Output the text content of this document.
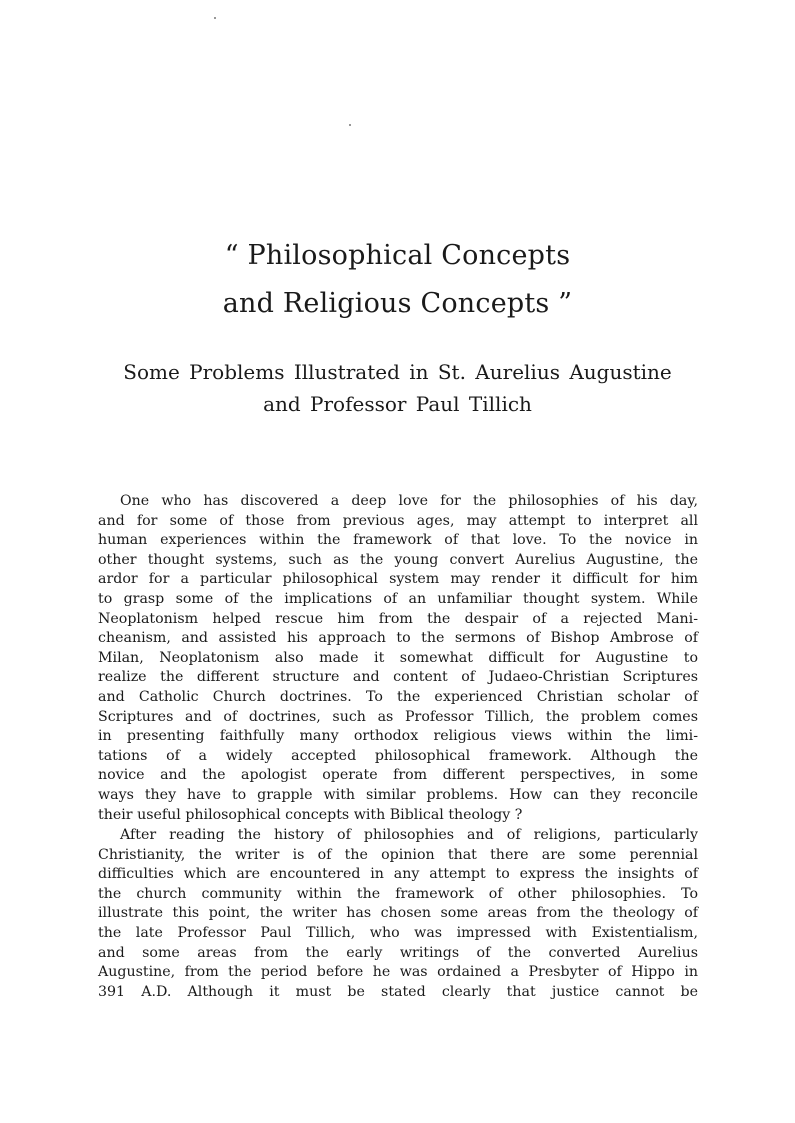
“ Philosophical Concepts
and Religious Concepts ”
Some Problems Illustrated in St. Aurelius Augustine
and Professor Paul Tillich
One who has discovered a deep love for the philosophies of his day,
and for some of those from previous ages, may attempt to interpret all
human experiences within the framework of that love. To the novice in
other thought systems, such as the young convert Aurelius Augustine, the
ardor for a particular philosophical system may render it difficult for him
to grasp some of the implications of an unfamiliar thought system. While
Neoplatonism helped rescue him from the despair of a rejected Mani-
cheanism, and assisted his approach to the sermons of Bishop Ambrose of
Milan, Neoplatonism also made it somewhat difficult for Augustine to
realize the different structure and content of Judaeo-Christian Scriptures
and Catholic Church doctrines. To the experienced Christian scholar of
Scriptures and of doctrines, such as Professor Tillich, the problem comes
in presenting faithfully many orthodox religious views within the limi-
tations of a widely accepted philosophical framework. Although the
novice and the apologist operate from different perspectives, in some
ways they have to grapple with similar problems. How can they reconcile
their useful philosophical concepts with Biblical theology ?
After reading the history of philosophies and of religions, particularly
Christianity, the writer is of the opinion that there are some perennial
difficulties which are encountered in any attempt to express the insights of
the church community within the framework of other philosophies. To
illustrate this point, the writer has chosen some areas from the theology of
the late Professor Paul Tillich, who was impressed with Existentialism,
and some areas from the early writings of the converted Aurelius
Augustine, from the period before he was ordained a Presbyter of Hippo in
391 A.D. Although it must be stated clearly that justice cannot be
